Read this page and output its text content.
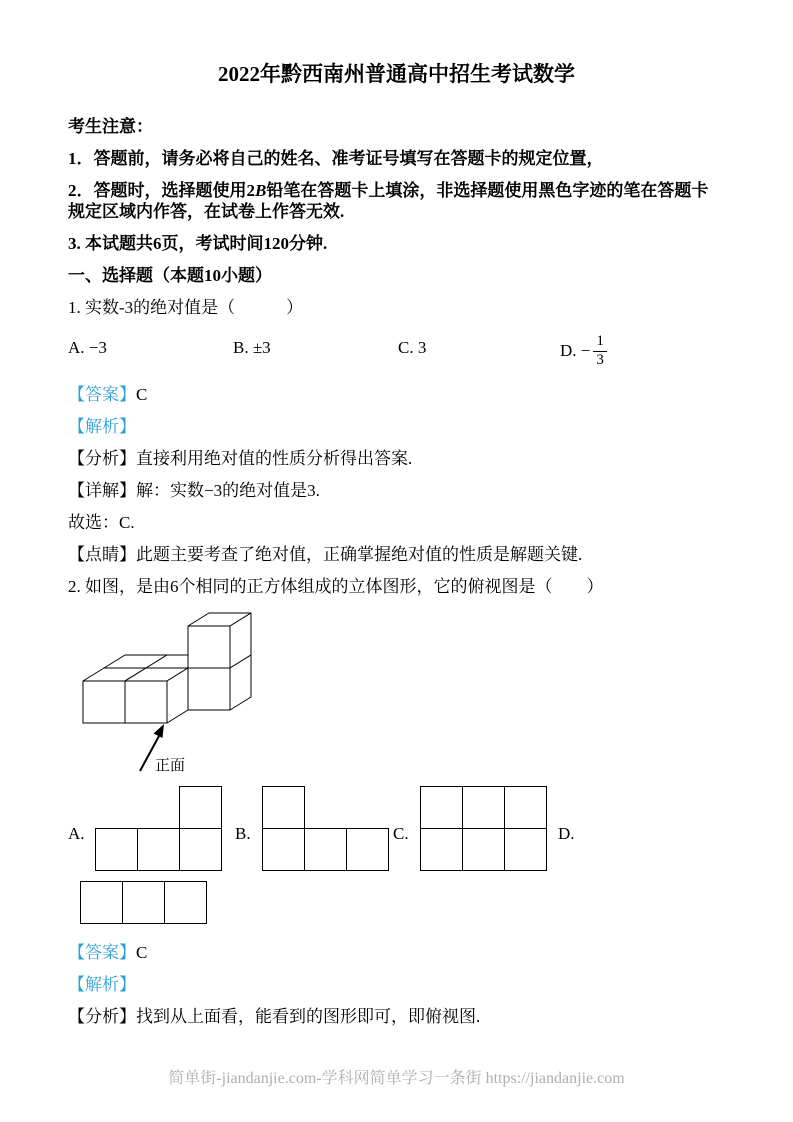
2022年黔西南州普通高中招生考试数学

考生注意：

1．答题前，请务必将自己的姓名、准考证号填写在答题卡的规定位置，

2．答题时，选择题使用2B铅笔在答题卡上填涂，非选择题使用黑色字迹的笔在答题卡规定区域内作答，在试卷上作答无效.

3. 本试题共6页，考试时间120分钟.

一、选择题（本题10小题）

1. 实数-3的绝对值是（　　　）

A. −3	B. ±3	C. 3	D.
− $\frac{1}{3}$

【答案】C

【解析】

【分析】直接利用绝对值的性质分析得出答案.

【详解】解：实数−3的绝对值是3.

故选：C.

【点睛】此题主要考查了绝对值，正确掌握绝对值的性质是解题关键.

2. 如图，是由6个相同的正方体组成的立体图形，它的俯视图是（　　）

正面
A.	B.	C.	D.

【答案】C

【解析】

【分析】找到从上面看，能看到的图形即可，即俯视图.

简单街-jiandanjie.com-学科网简单学习一条街 https://jiandanjie.com
